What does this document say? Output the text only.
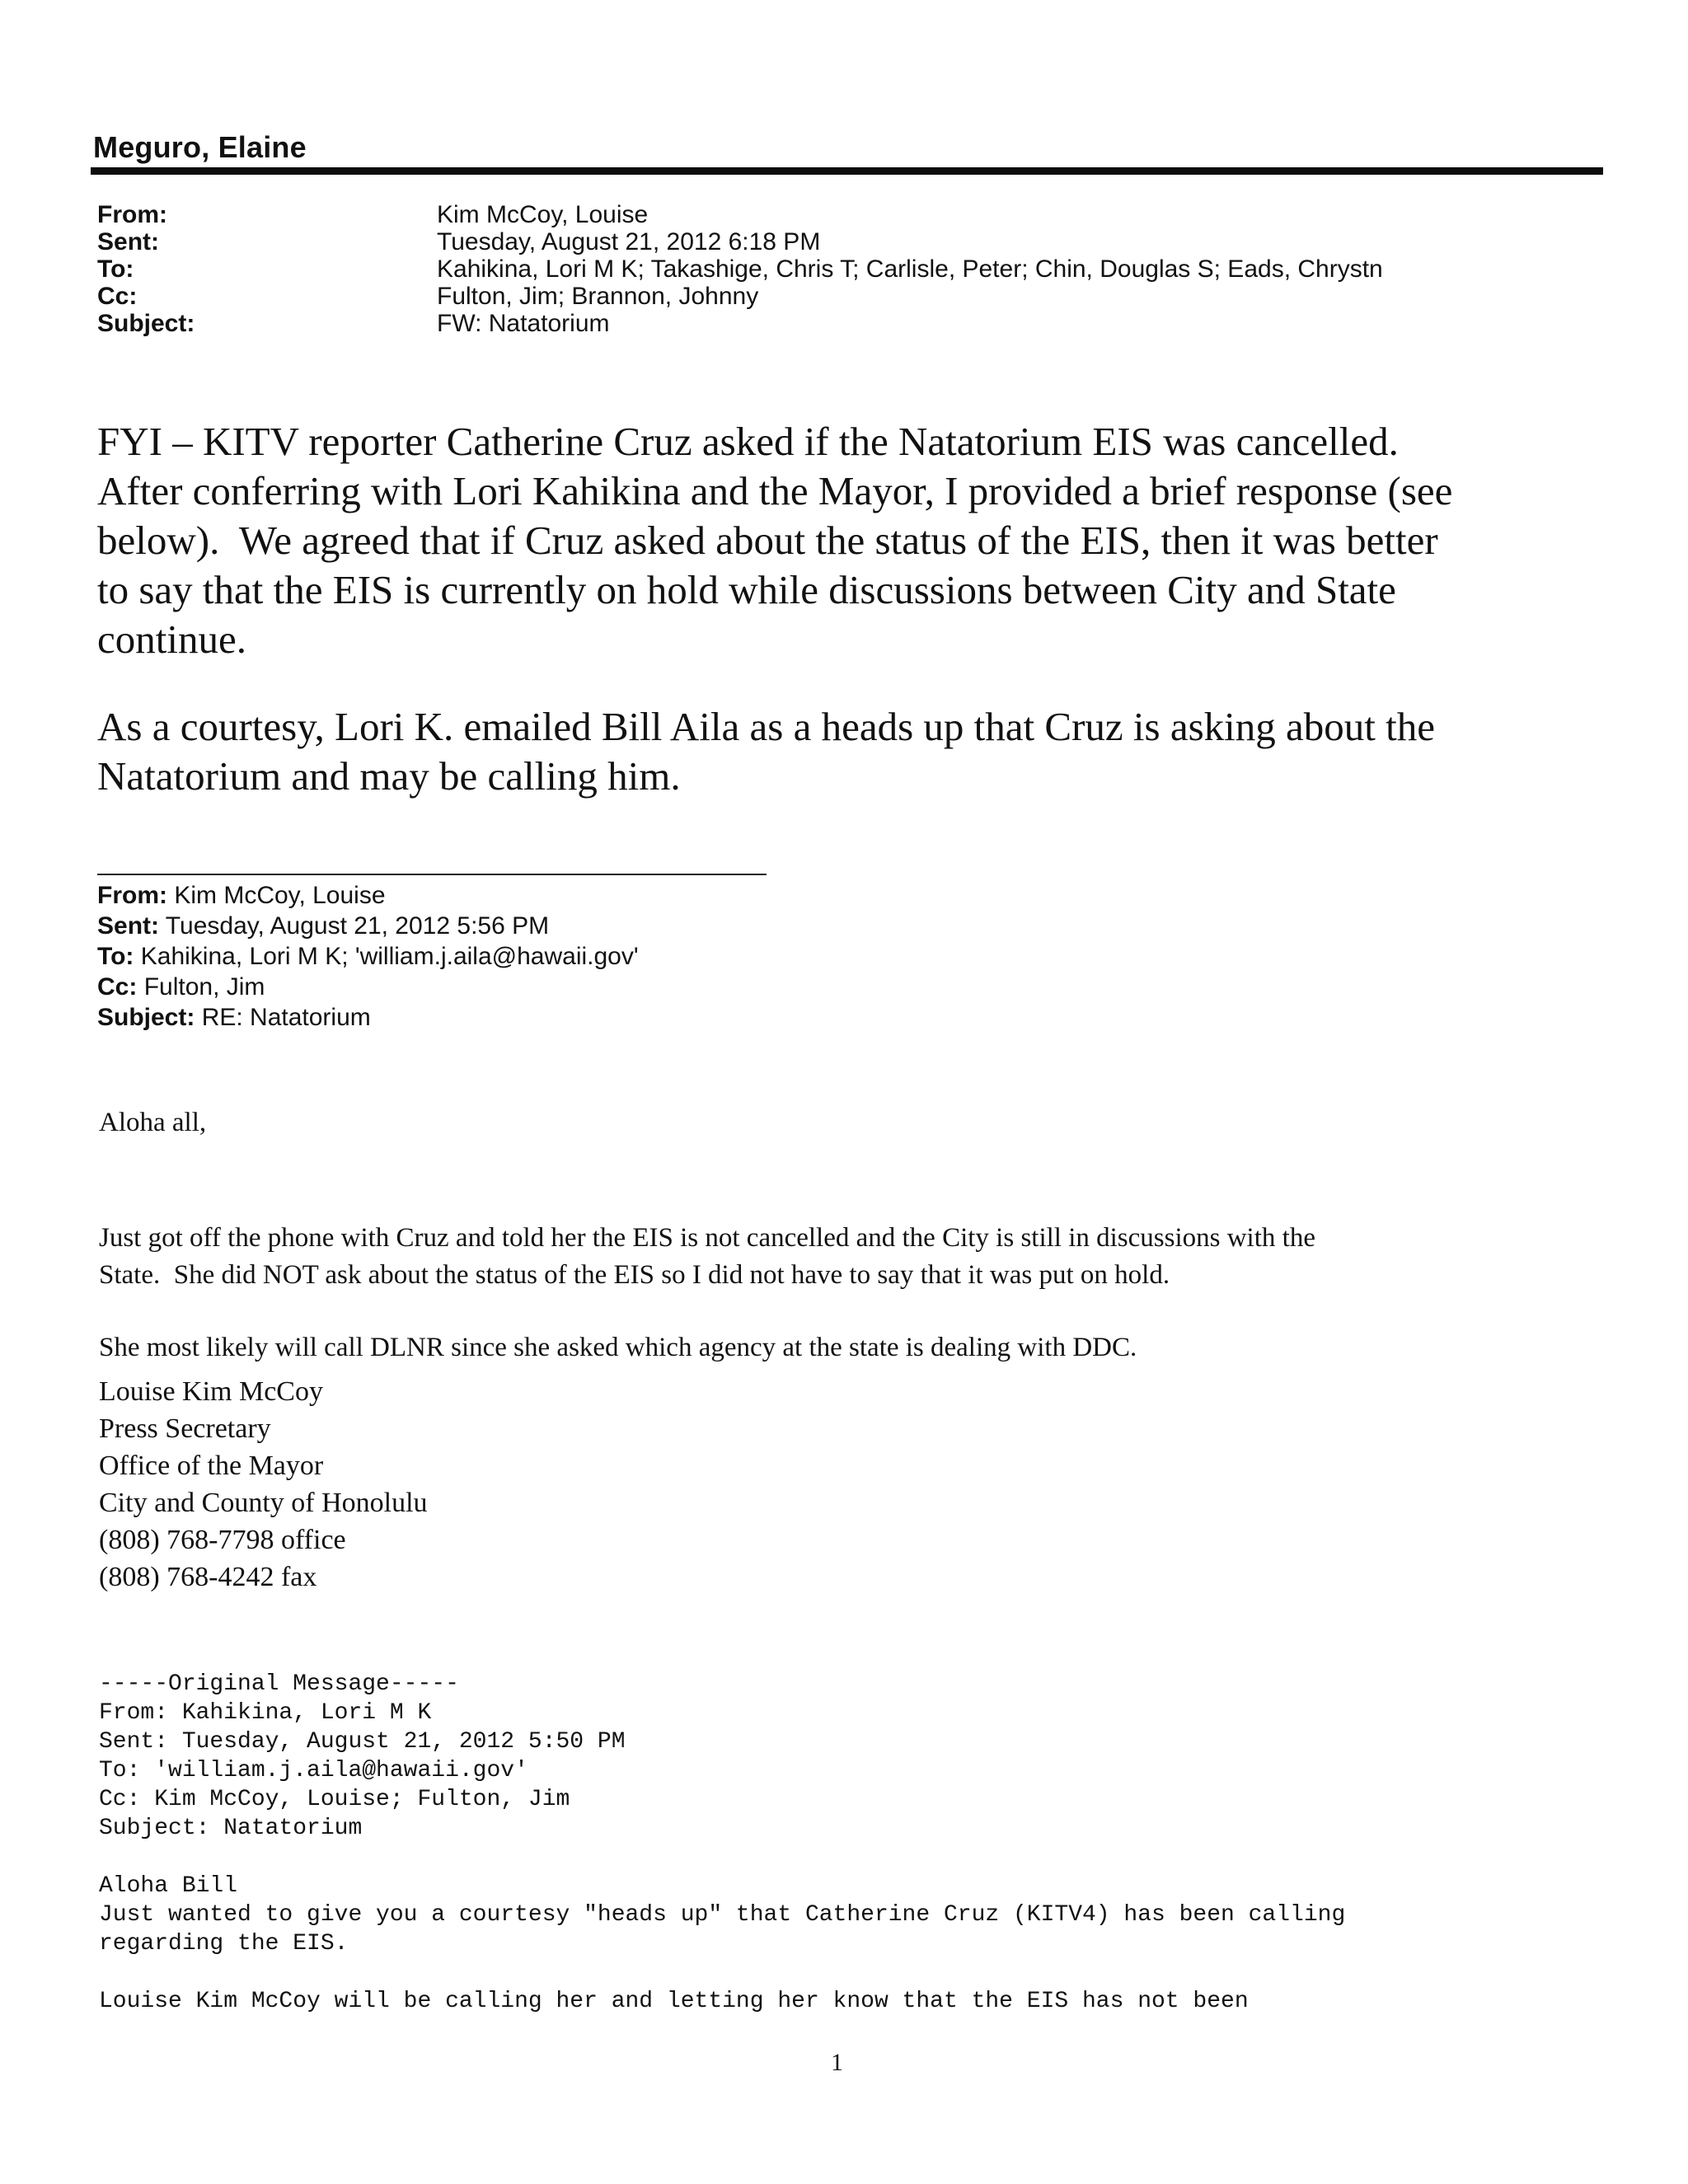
Meguro, Elaine
From:	Kim McCoy, Louise
Sent:	Tuesday, August 21, 2012 6:18 PM
To:	Kahikina, Lori M K; Takashige, Chris T; Carlisle, Peter; Chin, Douglas S; Eads, Chrystn
Cc:	Fulton, Jim; Brannon, Johnny
Subject:	FW: Natatorium

FYI – KITV reporter Catherine Cruz asked if the Natatorium EIS was cancelled.
After conferring with Lori Kahikina and the Mayor, I provided a brief response (see
below).  We agreed that if Cruz asked about the status of the EIS, then it was better
to say that the EIS is currently on hold while discussions between City and State
continue.

As a courtesy, Lori K. emailed Bill Aila as a heads up that Cruz is asking about the
Natatorium and may be calling him.

From: Kim McCoy, Louise
Sent: Tuesday, August 21, 2012 5:56 PM
To: Kahikina, Lori M K; 'william.j.aila@hawaii.gov'
Cc: Fulton, Jim
Subject: RE: Natatorium

Aloha all,

Just got off the phone with Cruz and told her the EIS is not cancelled and the City is still in discussions with the
State.  She did NOT ask about the status of the EIS so I did not have to say that it was put on hold.

She most likely will call DLNR since she asked which agency at the state is dealing with DDC.

Louise Kim McCoy
Press Secretary
Office of the Mayor
City and County of Honolulu
(808) 768-7798 office
(808) 768-4242 fax
-----Original Message-----
From: Kahikina, Lori M K
Sent: Tuesday, August 21, 2012 5:50 PM
To: 'william.j.aila@hawaii.gov'
Cc: Kim McCoy, Louise; Fulton, Jim
Subject: Natatorium
Aloha Bill
Just wanted to give you a courtesy "heads up" that Catherine Cruz (KITV4) has been calling
regarding the EIS.
Louise Kim McCoy will be calling her and letting her know that the EIS has not been
1
